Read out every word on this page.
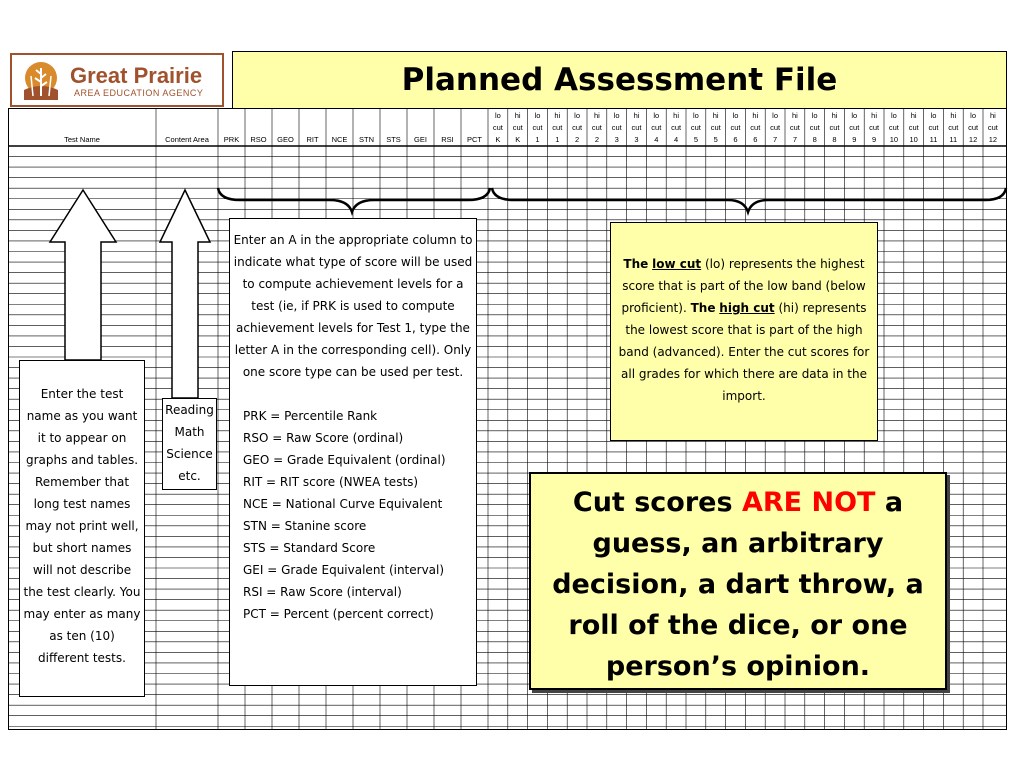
Test Name	Content Area PRK RSO GEO RIT NCE STN STS GEI RSI PCT
lo
cut
K
hi
cut
K
lo
cut
1
hi
cut
1
lo
cut
2
hi
cut
2
lo
cut
3
hi
cut
3
lo
cut
4
hi
cut
4
lo
cut
5
hi
cut
5
lo
cut
6
hi
cut
6
lo
cut
7
hi
cut
7
lo
cut
8
hi
cut
8
lo
cut
9
hi
cut
9
lo
cut
10
hi
cut
10
lo
cut
11
hi
cut
11
lo
cut
12
hi
cut
12
Great Prairie
AREA EDUCATION AGENCY	Planned Assessment File
Enter the test name as you want it to appear on graphs and tables. Remember that long test names may not print well, but short names will not describe the test clearly. You may enter as many as ten (10) different tests.
Reading
Math
Science
etc.
Enter an A in the appropriate column to indicate what type of score will be used to compute achievement levels for a test (ie, if PRK is used to compute achievement levels for Test 1, type the letter A in the corresponding cell). Only one score type can be used per test.
PRK = Percentile Rank
RSO = Raw Score (ordinal)
GEO = Grade Equivalent (ordinal)
RIT = RIT score (NWEA tests)
NCE = National Curve Equivalent
STN = Stanine score
STS = Standard Score
GEI = Grade Equivalent (interval)
RSI = Raw Score (interval)
PCT = Percent (percent correct)
The low cut (lo) represents the highest score that is part of the low band (below proficient). The high cut (hi) represents the lowest score that is part of the high band (advanced). Enter the cut scores for all grades for which there are data in the import.
Cut scores ARE NOT a guess, an arbitrary decision, a dart throw, a roll of the dice, or one person’s opinion.
